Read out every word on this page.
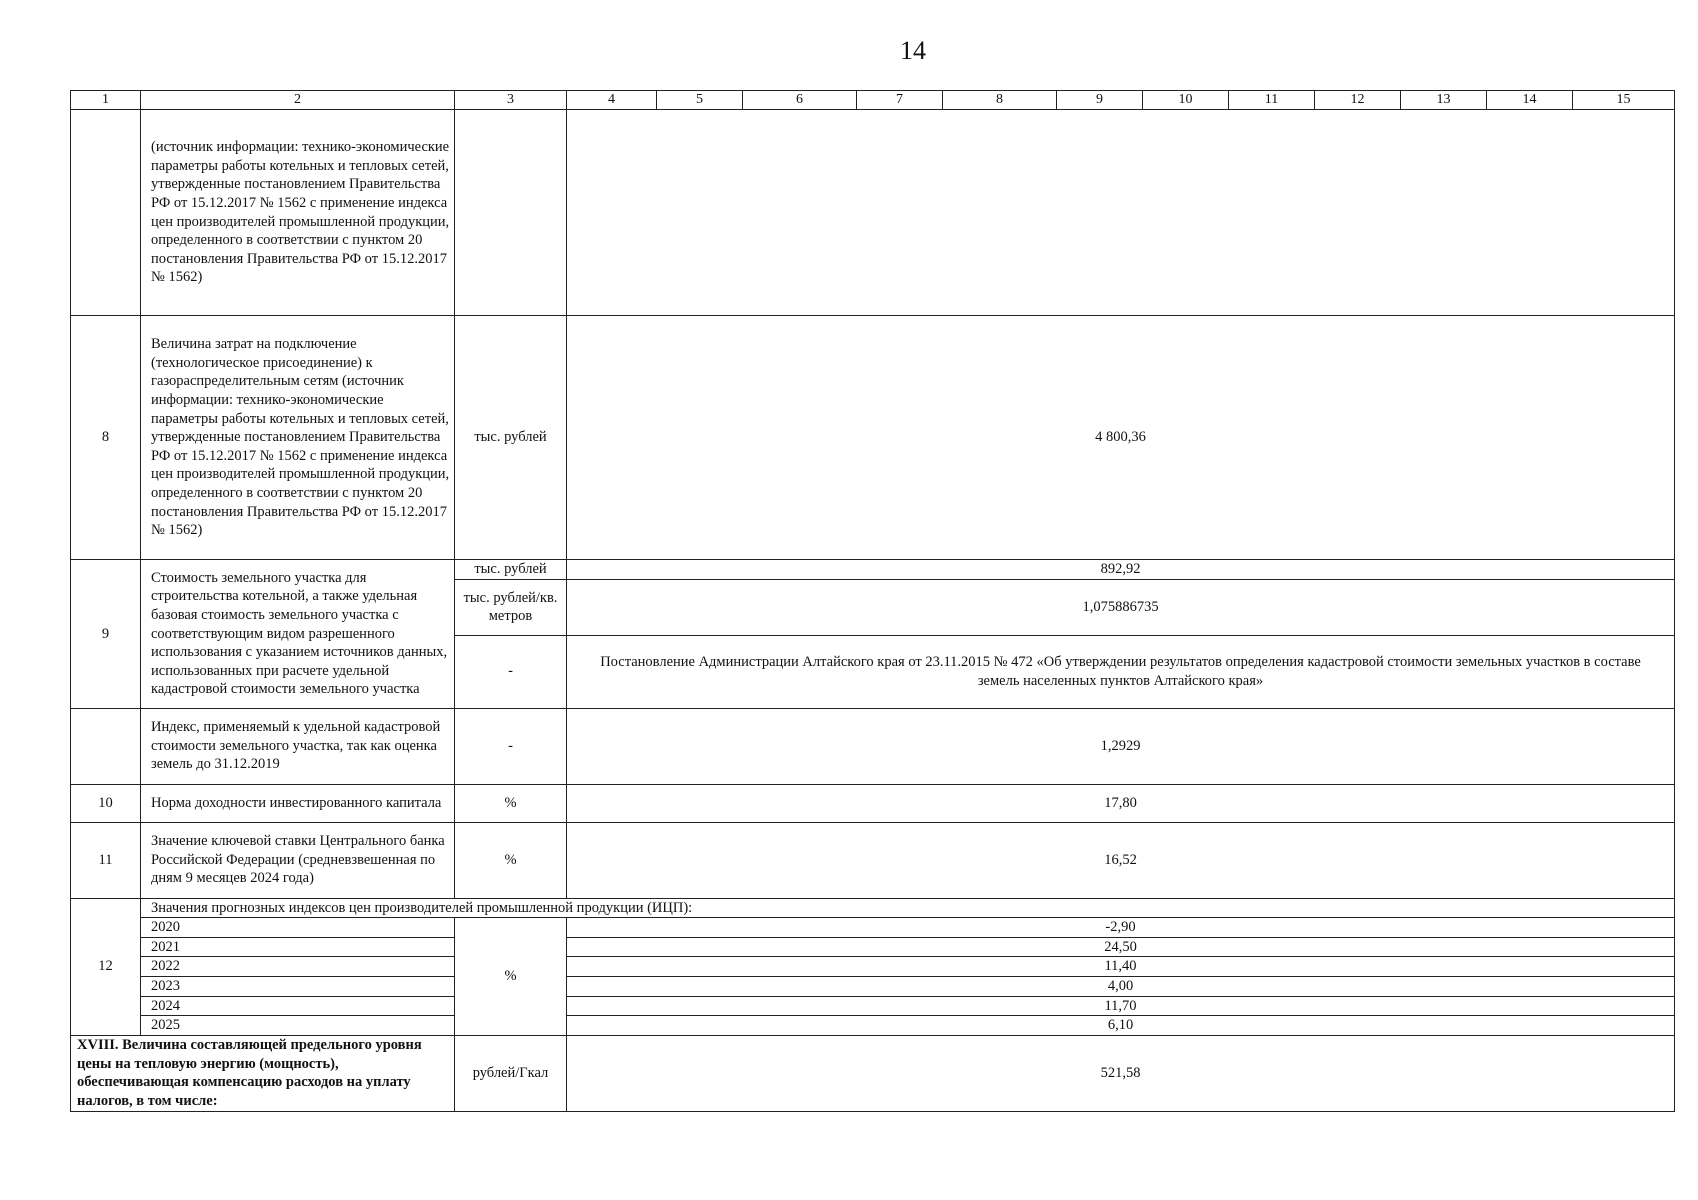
14
1	2	3	4	5	6	7	8	9	10	11	12	13	14	15
	(источник информации: технико-экономические параметры работы котельных и тепловых сетей, утвержденные постановлением Правительства РФ от 15.12.2017 № 1562 с применение индекса цен производителей промышленной продукции, определенного в соответствии с пунктом 20 постановления Правительства РФ от 15.12.2017 № 1562)													
8	Величина затрат на подключение (технологическое присоединение) к газораспределительным сетям (источник информации: технико-экономические параметры работы котельных и тепловых сетей, утвержденные постановлением Правительства РФ от 15.12.2017 № 1562 с применение индекса цен производителей промышленной продукции, определенного в соответствии с пунктом 20 постановления Правительства РФ от 15.12.2017 № 1562)	тыс. рублей	4 800,36											
9	Стоимость земельного участка для строительства котельной, а также удельная базовая стоимость земельного участка с соответствующим видом разрешенного использования с указанием источников данных, использованных при расчете удельной кадастровой стоимости земельного участка	тыс. рублей	892,92											
		тыс. рублей/кв. метров	1,075886735											
		-	Постановление Администрации Алтайского края от 23.11.2015 № 472 «Об утверждении результатов определения кадастровой стоимости земельных участков в составе земель населенных пунктов Алтайского края»											
	Индекс, применяемый к удельной кадастровой стоимости земельного участка, так как оценка земель до 31.12.2019	-	1,2929											
10	Норма доходности инвестированного капитала	%	17,80											
11	Значение ключевой ставки Центрального банка Российской Федерации (средневзвешенная по дням 9 месяцев 2024 года)	%	16,52											
12	Значения прогнозных индексов цен производителей промышленной продукции (ИЦП):													
	2020	%	-2,90											
	2021		24,50											
	2022		11,40											
	2023		4,00											
	2024		11,70											
	2025		6,10											
XVIII. Величина составляющей предельного уровня цены на тепловую энергию (мощность), обеспечивающая компенсацию расходов на уплату налогов, в том числе:		рублей/Гкал	521,58											
